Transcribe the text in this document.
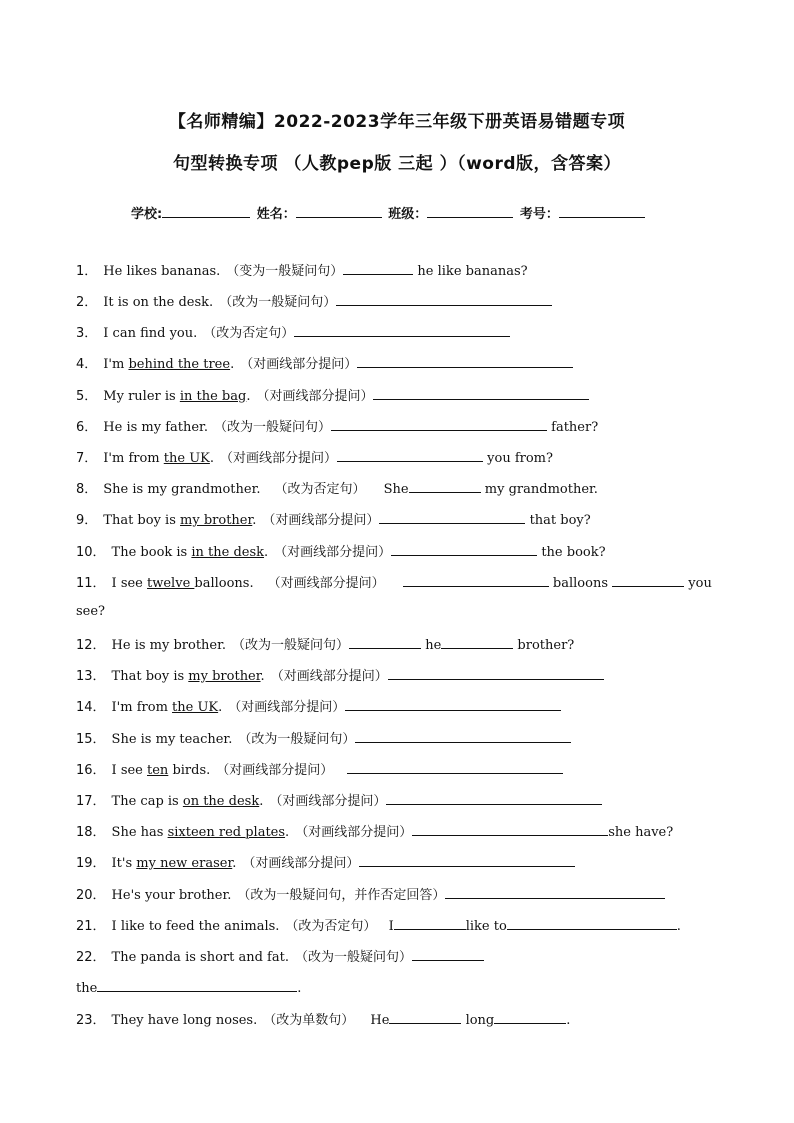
【名师精编】2022-2023学年三年级下册英语易错题专项
句型转换专项 （人教pep版 三起 ）（word版，含答案）
学校:	姓名：	班级：	考号：
1． He likes bananas. （变为一般疑问句）	he like bananas?
2． It is on the desk. （改为一般疑问句）
3． I can find you. （改为否定句）
4． I'm behind the tree. （对画线部分提问）
5． My ruler is in the bag. （对画线部分提问）
6． He is my father. （改为一般疑问句）	father?
7． I'm from the UK. （对画线部分提问）	you from?
8． She is my grandmother. （改为否定句） She	my grandmother.
9． That boy is my brother. （对画线部分提问）	that boy?
10． The book is in the desk. （对画线部分提问）	the book?
11． I see twelve balloons. （对画线部分提问）	balloons	you
see?
12． He is my brother. （改为一般疑问句）	he	brother?
13． That boy is my brother. （对画线部分提问）
14． I'm from the UK. （对画线部分提问）
15． She is my teacher. （改为一般疑问句）
16． I see ten birds. （对画线部分提问）
17． The cap is on the desk. （对画线部分提问）
18． She has sixteen red plates. （对画线部分提问）	she have?
19． It's my new eraser. （对画线部分提问）
20． He's your brother. （改为一般疑问句，并作否定回答）
21． I like to feed the animals. （改为否定句） I	like to	.
22． The panda is short and fat. （改为一般疑问句）
the	.
23． They have long noses. （改为单数句） He	long	.
